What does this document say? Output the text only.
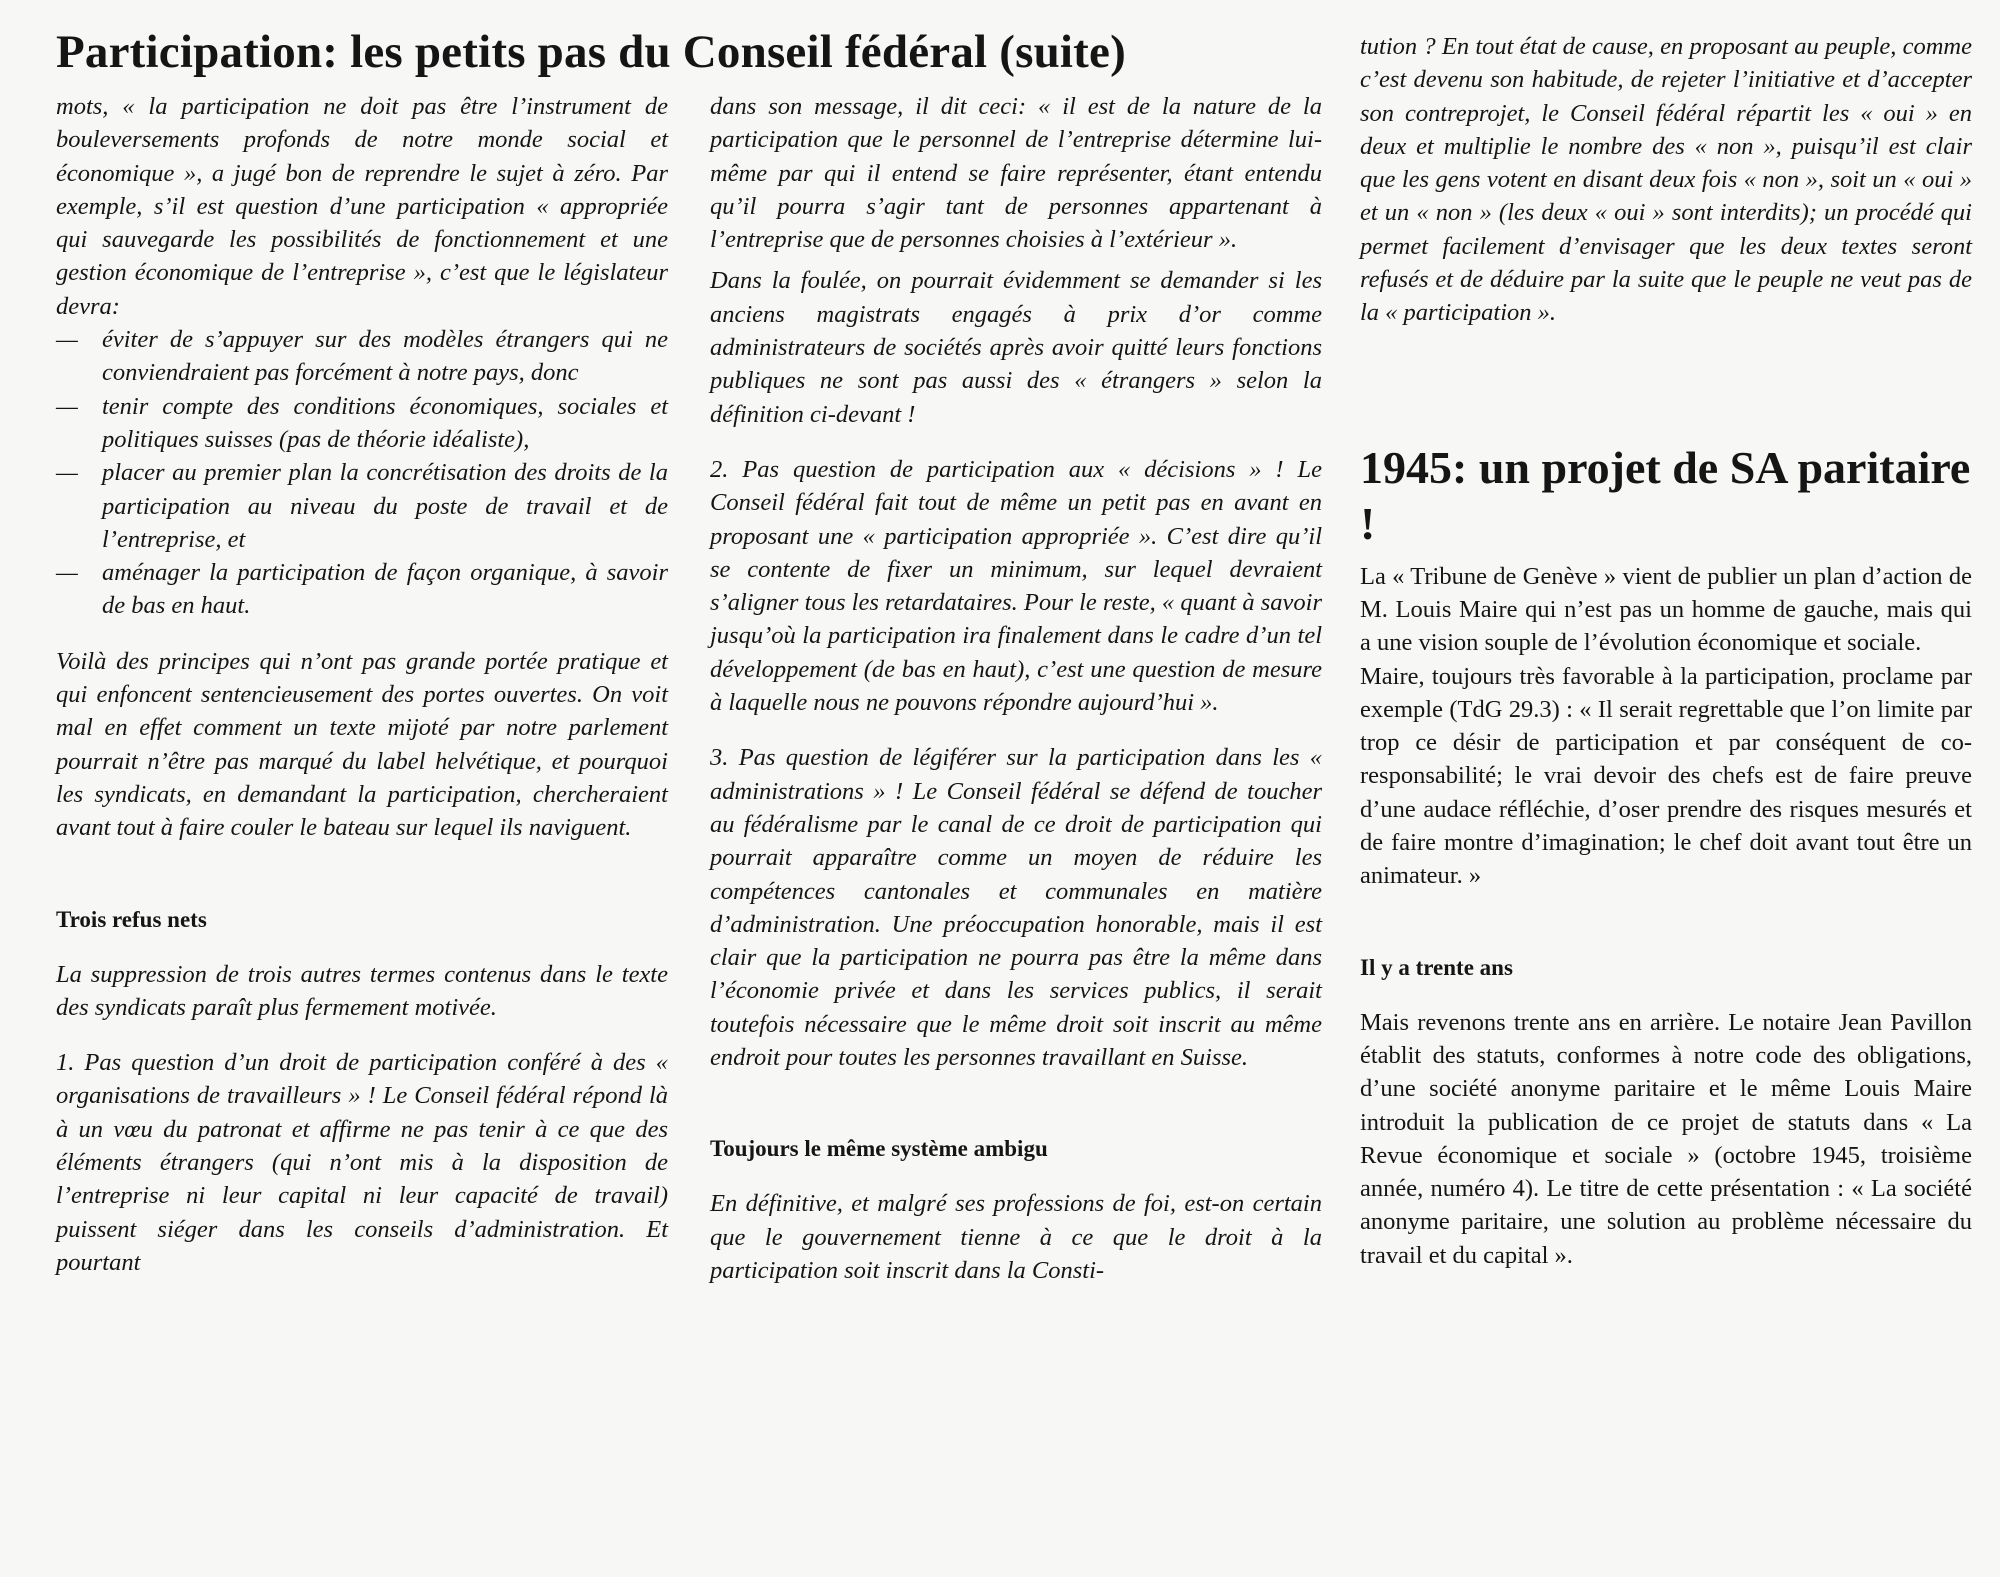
Participation: les petits pas du Conseil fédéral (suite)

mots, « la participation ne doit pas être l’instrument de bouleversements profonds de notre monde social et économique », a jugé bon de reprendre le sujet à zéro. Par exemple, s’il est question d’une participation « appropriée qui sauvegarde les possibilités de fonctionnement et une gestion économique de l’entreprise », c’est que le législateur devra:

— éviter de s’appuyer sur des modèles étrangers qui ne conviendraient pas forcément à notre pays, donc
— tenir compte des conditions économiques, sociales et politiques suisses (pas de théorie idéaliste),
— placer au premier plan la concrétisation des droits de la participation au niveau du poste de travail et de l’entreprise, et
— aménager la participation de façon organique, à savoir de bas en haut.

Voilà des principes qui n’ont pas grande portée pratique et qui enfoncent sentencieusement des portes ouvertes. On voit mal en effet comment un texte mijoté par notre parlement pourrait n’être pas marqué du label helvétique, et pourquoi les syndicats, en demandant la participation, chercheraient avant tout à faire couler le bateau sur lequel ils naviguent.

Trois refus nets

La suppression de trois autres termes contenus dans le texte des syndicats paraît plus fermement motivée.

1. Pas question d’un droit de participation conféré à des « organisations de travailleurs » ! Le Conseil fédéral répond là à un vœu du patronat et affirme ne pas tenir à ce que des éléments étrangers (qui n’ont mis à la disposition de l’entreprise ni leur capital ni leur capacité de travail) puissent siéger dans les conseils d’administration. Et pourtant

dans son message, il dit ceci: « il est de la nature de la participation que le personnel de l’entreprise détermine lui-même par qui il entend se faire représenter, étant entendu qu’il pourra s’agir tant de personnes appartenant à l’entreprise que de personnes choisies à l’extérieur ».

Dans la foulée, on pourrait évidemment se demander si les anciens magistrats engagés à prix d’or comme administrateurs de sociétés après avoir quitté leurs fonctions publiques ne sont pas aussi des « étrangers » selon la définition ci-devant !

2. Pas question de participation aux « décisions » ! Le Conseil fédéral fait tout de même un petit pas en avant en proposant une « participation appropriée ». C’est dire qu’il se contente de fixer un minimum, sur lequel devraient s’aligner tous les retardataires. Pour le reste, « quant à savoir jusqu’où la participation ira finalement dans le cadre d’un tel développement (de bas en haut), c’est une question de mesure à laquelle nous ne pouvons répondre aujourd’hui ».

3. Pas question de légiférer sur la participation dans les « administrations » ! Le Conseil fédéral se défend de toucher au fédéralisme par le canal de ce droit de participation qui pourrait apparaître comme un moyen de réduire les compétences cantonales et communales en matière d’administration. Une préoccupation honorable, mais il est clair que la participation ne pourra pas être la même dans l’économie privée et dans les services publics, il serait toutefois nécessaire que le même droit soit inscrit au même endroit pour toutes les personnes travaillant en Suisse.

Toujours le même système ambigu

En définitive, et malgré ses professions de foi, est-on certain que le gouvernement tienne à ce que le droit à la participation soit inscrit dans la Consti-

tution ? En tout état de cause, en proposant au peuple, comme c’est devenu son habitude, de rejeter l’initiative et d’accepter son contreprojet, le Conseil fédéral répartit les « oui » en deux et multiplie le nombre des « non », puisqu’il est clair que les gens votent en disant deux fois « non », soit un « oui » et un « non » (les deux « oui » sont interdits); un procédé qui permet facilement d’envisager que les deux textes seront refusés et de déduire par la suite que le peuple ne veut pas de la « participation ».

1945: un projet de SA paritaire !

La « Tribune de Genève » vient de publier un plan d’action de M. Louis Maire qui n’est pas un homme de gauche, mais qui a une vision souple de l’évolution économique et sociale.

Maire, toujours très favorable à la participation, proclame par exemple (TdG 29.3) : « Il serait regrettable que l’on limite par trop ce désir de participation et par conséquent de co-responsabilité; le vrai devoir des chefs est de faire preuve d’une audace réfléchie, d’oser prendre des risques mesurés et de faire montre d’imagination; le chef doit avant tout être un animateur. »

Il y a trente ans

Mais revenons trente ans en arrière. Le notaire Jean Pavillon établit des statuts, conformes à notre code des obligations, d’une société anonyme paritaire et le même Louis Maire introduit la publication de ce projet de statuts dans « La Revue économique et sociale » (octobre 1945, troisième année, numéro 4). Le titre de cette présentation : « La société anonyme paritaire, une solution au problème nécessaire du travail et du capital ».
